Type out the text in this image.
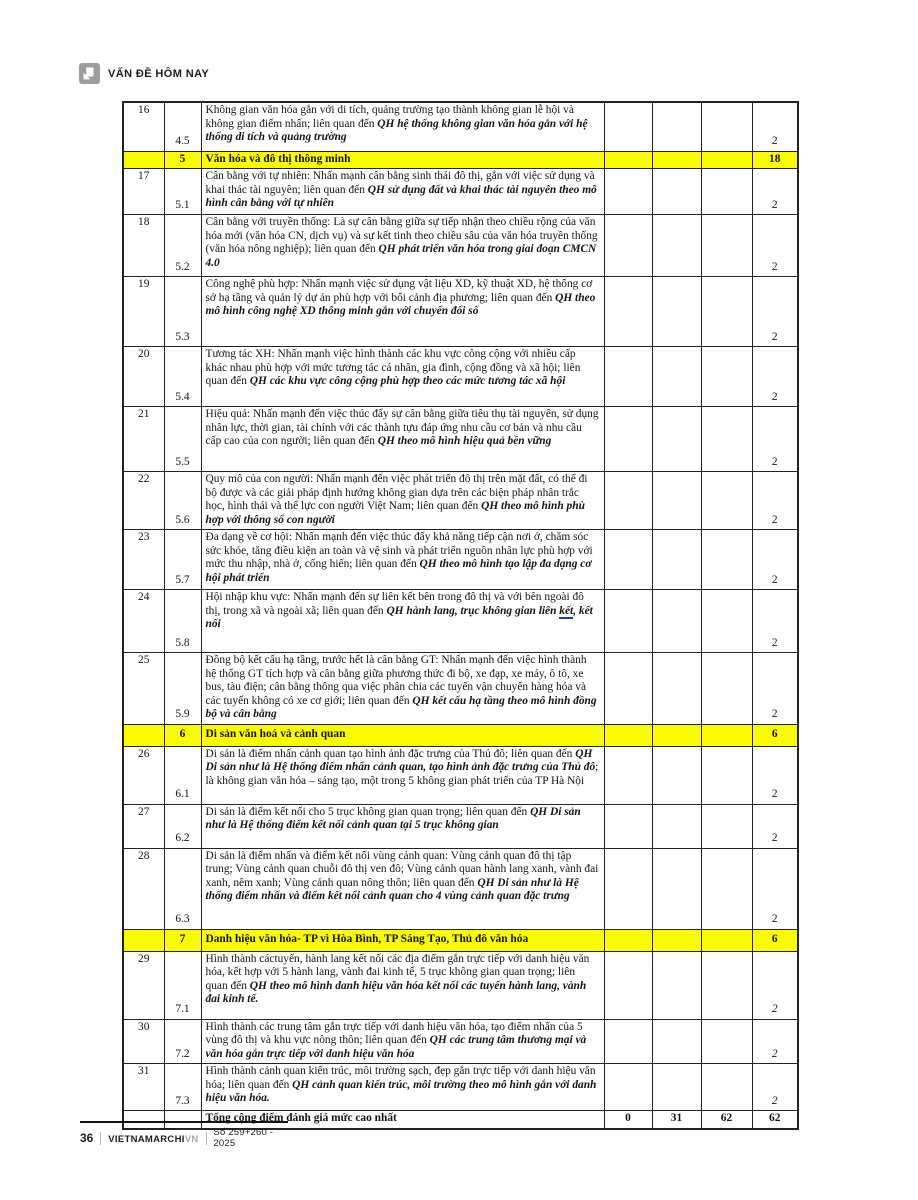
VẤN ĐỀ HÔM NAY
16	4.5	Không gian văn hóa gắn với di tích, quảng trường tạo thành không gian lễ hội và không gian điểm nhấn; liên quan đến QH hệ thống không gian văn hóa gắn với hệ thống di tích và quảng trường				2
	5	Văn hóa và đô thị thông minh				18
17	5.1	Cân bằng với tự nhiên: Nhấn mạnh cân bằng sinh thái đô thị, gắn với việc sử dụng và khai thác tài nguyên; liên quan đến QH sử dụng đất và khai thác tài nguyên theo mô hình cân bằng với tự nhiên				2
18	5.2	Cân bằng với truyền thống: Là sự cân bằng giữa sự tiếp nhận theo chiều rộng của văn hóa mới (văn hóa CN, dịch vụ) và sự kết tinh theo chiều sâu của văn hóa truyền thống (văn hóa nông nghiệp); liên quan đến QH phát triển văn hóa trong giai đoạn CMCN 4.0				2
19	5.3	Công nghệ phù hợp: Nhấn mạnh việc sử dụng vật liệu XD, kỹ thuật XD, hệ thống cơ sở hạ tầng và quản lý dự án phù hợp với bối cảnh địa phương; liên quan đến QH theo mô hình công nghệ XD thông minh gắn với chuyển đổi số				2
20	5.4	Tương tác XH: Nhấn mạnh việc hình thành các khu vực công cộng với nhiều cấp khác nhau phù hợp với mức tương tác cá nhân, gia đình, cộng đồng và xã hội; liên quan đến QH các khu vực công cộng phù hợp theo các mức tương tác xã hội				2
21	5.5	Hiệu quả: Nhấn mạnh đến việc thúc đẩy sự cân bằng giữa tiêu thụ tài nguyên, sử dụng nhân lực, thời gian, tài chính với các thành tựu đáp ứng nhu cầu cơ bản và nhu cầu cấp cao của con người; liên quan đến QH theo mô hình hiệu quả bền vững				2
22	5.6	Quy mô của con người: Nhấn mạnh đến việc phát triển đô thị trên mặt đất, có thể đi bộ được và các giải pháp định hướng không gian dựa trên các biện pháp nhân trắc học, hình thái và thể lực con người Việt Nam; liên quan đến QH theo mô hình phù hợp với thông số con người				2
23	5.7	Đa dạng về cơ hội: Nhấn mạnh đến việc thúc đẩy khả năng tiếp cận nơi ở, chăm sóc sức khỏe, tăng điều kiện an toàn và vệ sinh và phát triển nguồn nhân lực phù hợp với mức thu nhập, nhà ở, cống hiến; liên quan đến QH theo mô hình tạo lập đa dạng cơ hội phát triển				2
24	5.8	Hội nhập khu vực: Nhấn mạnh đến sự liên kết bên trong đô thị và với bên ngoài đô thị, trong xã và ngoài xã; liên quan đến QH hành lang, trục không gian liên kết, kết nối				2
25	5.9	Đồng bộ kết cấu hạ tầng, trước hết là cân bằng GT: Nhấn mạnh đến việc hình thành hệ thống GT tích hợp và cân bằng giữa phương thức đi bộ, xe đạp, xe máy, ô tô, xe bus, tàu điện; cân bằng thông qua việc phân chia các tuyến vận chuyển hàng hóa và các tuyến không có xe cơ giới; liên quan đến QH kết cấu hạ tầng theo mô hình đồng bộ và cân bằng				2
	6	Di sản văn hoá và cảnh quan				6
26	6.1	Di sản là điểm nhấn cảnh quan tạo hình ảnh đặc trưng của Thủ đô; liên quan đến QH Di sản như là Hệ thống điểm nhấn cảnh quan, tạo hình ảnh đặc trưng của Thủ đô; là không gian văn hóa – sáng tạo, một trong 5 không gian phát triển của TP Hà Nội				2
27	6.2	Di sản là điểm kết nối cho 5 trục không gian quan trọng; liên quan đến QH Di sản như là Hệ thống điểm kết nối cảnh quan tại 5 trục không gian				2
28	6.3	Di sản là điểm nhấn và điểm kết nối vùng cảnh quan: Vùng cảnh quan đô thị tập trung; Vùng cảnh quan chuỗi đô thị ven đô; Vùng cảnh quan hành lang xanh, vành đai xanh, nêm xanh; Vùng cảnh quan nông thôn; liên quan đến QH Di sản như là Hệ thống điểm nhấn và điểm kết nối cảnh quan cho 4 vùng cảnh quan đặc trưng				2
	7	Danh hiệu văn hóa- TP vì Hòa Bình, TP Sáng Tạo, Thủ đô văn hóa				6
29	7.1	Hình thành cáctuyến, hành lang kết nối các địa điểm gắn trực tiếp với danh hiệu văn hóa, kết hợp với 5 hành lang, vành đai kinh tế, 5 trục không gian quan trọng; liên quan đến QH theo mô hình danh hiệu văn hóa kết nối các tuyến hành lang, vành đai kinh tế.				2
30	7.2	Hình thành các trung tâm gắn trực tiếp với danh hiệu văn hóa, tạo điểm nhấn của 5 vùng đô thị và khu vực nông thôn; liên quan đến QH các trung tâm thương mại và văn hóa gắn trực tiếp với danh hiệu văn hóa				2
31	7.3	Hình thành cảnh quan kiến trúc, môi trường sạch, đẹp gắn trực tiếp với danh hiệu văn hóa; liên quan đến QH cảnh quan kiến trúc, môi trường theo mô hình gắn với danh hiệu văn hóa.				2
		Tổng cộng điểm đánh giá mức cao nhất	0	31	62	62
36 VIETNAMARCHIVN
Số 259+260 - 2025
